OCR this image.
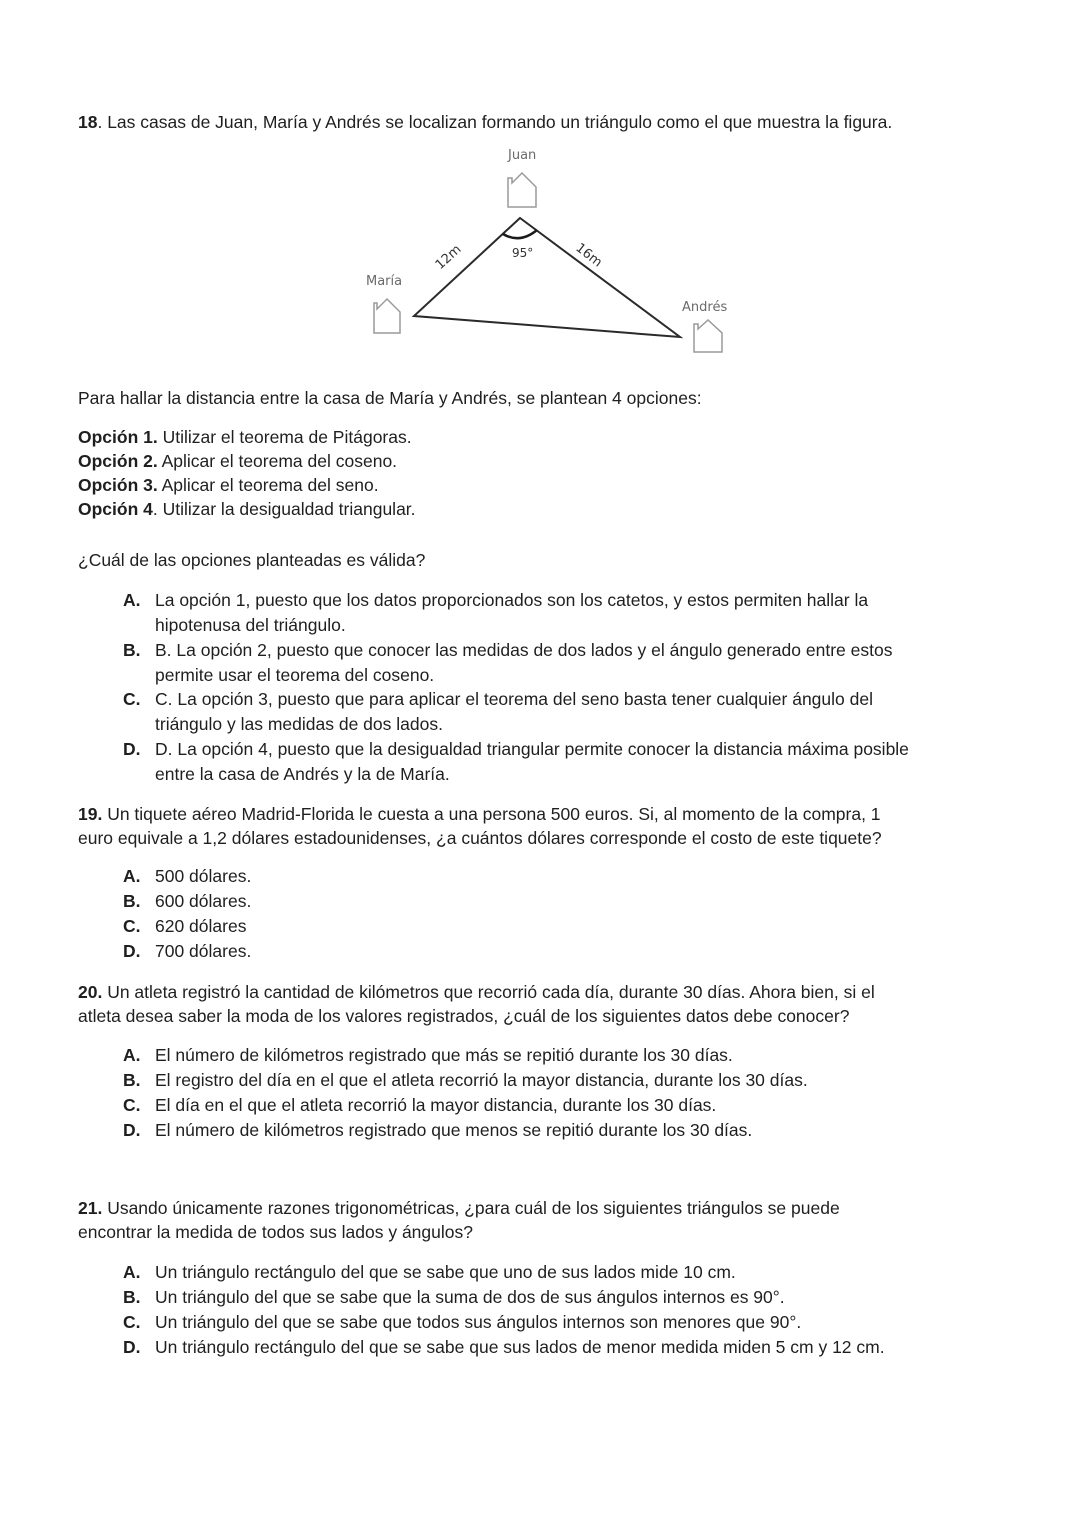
18. Las casas de Juan, María y Andrés se localizan formando un triángulo como el que muestra la figura.
Juan
María
Andrés
12m	16m
95°
Para hallar la distancia entre la casa de María y Andrés, se plantean 4 opciones:
Opción 1. Utilizar el teorema de Pitágoras.
Opción 2. Aplicar el teorema del coseno.
Opción 3. Aplicar el teorema del seno.
Opción 4. Utilizar la desigualdad triangular.
¿Cuál de las opciones planteadas es válida?
A. La opción 1, puesto que los datos proporcionados son los catetos, y estos permiten hallar la
hipotenusa del triángulo.
B. B. La opción 2, puesto que conocer las medidas de dos lados y el ángulo generado entre estos
permite usar el teorema del coseno.
C. C. La opción 3, puesto que para aplicar el teorema del seno basta tener cualquier ángulo del
triángulo y las medidas de dos lados.
D. D. La opción 4, puesto que la desigualdad triangular permite conocer la distancia máxima posible
entre la casa de Andrés y la de María.
19. Un tiquete aéreo Madrid-Florida le cuesta a una persona 500 euros. Si, al momento de la compra, 1
euro equivale a 1,2 dólares estadounidenses, ¿a cuántos dólares corresponde el costo de este tiquete?
A. 500 dólares.
B. 600 dólares.
C. 620 dólares
D. 700 dólares.
20. Un atleta registró la cantidad de kilómetros que recorrió cada día, durante 30 días. Ahora bien, si el
atleta desea saber la moda de los valores registrados, ¿cuál de los siguientes datos debe conocer?
A. El número de kilómetros registrado que más se repitió durante los 30 días.
B. El registro del día en el que el atleta recorrió la mayor distancia, durante los 30 días.
C. El día en el que el atleta recorrió la mayor distancia, durante los 30 días.
D. El número de kilómetros registrado que menos se repitió durante los 30 días.
21. Usando únicamente razones trigonométricas, ¿para cuál de los siguientes triángulos se puede
encontrar la medida de todos sus lados y ángulos?
A. Un triángulo rectángulo del que se sabe que uno de sus lados mide 10 cm.
B. Un triángulo del que se sabe que la suma de dos de sus ángulos internos es 90°.
C. Un triángulo del que se sabe que todos sus ángulos internos son menores que 90°.
D. Un triángulo rectángulo del que se sabe que sus lados de menor medida miden 5 cm y 12 cm.
